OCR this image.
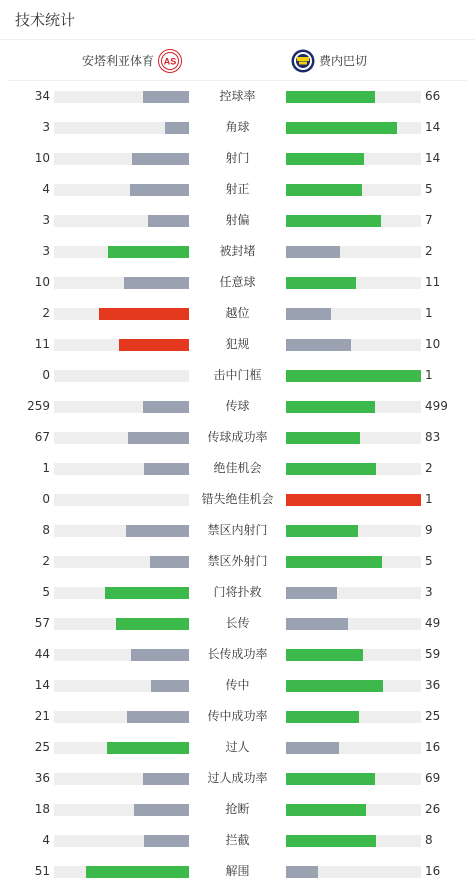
技术统计
安塔利亚体育 AS	费内巴切
34	控球率	66
3	角球	14
10	射门	14
4	射正	5
3	射偏	7
3	被封堵	2
10	任意球	11
2	越位	1
11	犯规	10
0	击中门框	1
259	传球	499
67	传球成功率	83
1	绝佳机会	2
0	错失绝佳机会	1
8	禁区内射门	9
2	禁区外射门	5
5	门将扑救	3
57	长传	49
44	长传成功率	59
14	传中	36
21	传中成功率	25
25	过人	16
36	过人成功率	69
18	抢断	26
4	拦截	8
51	解围	16
